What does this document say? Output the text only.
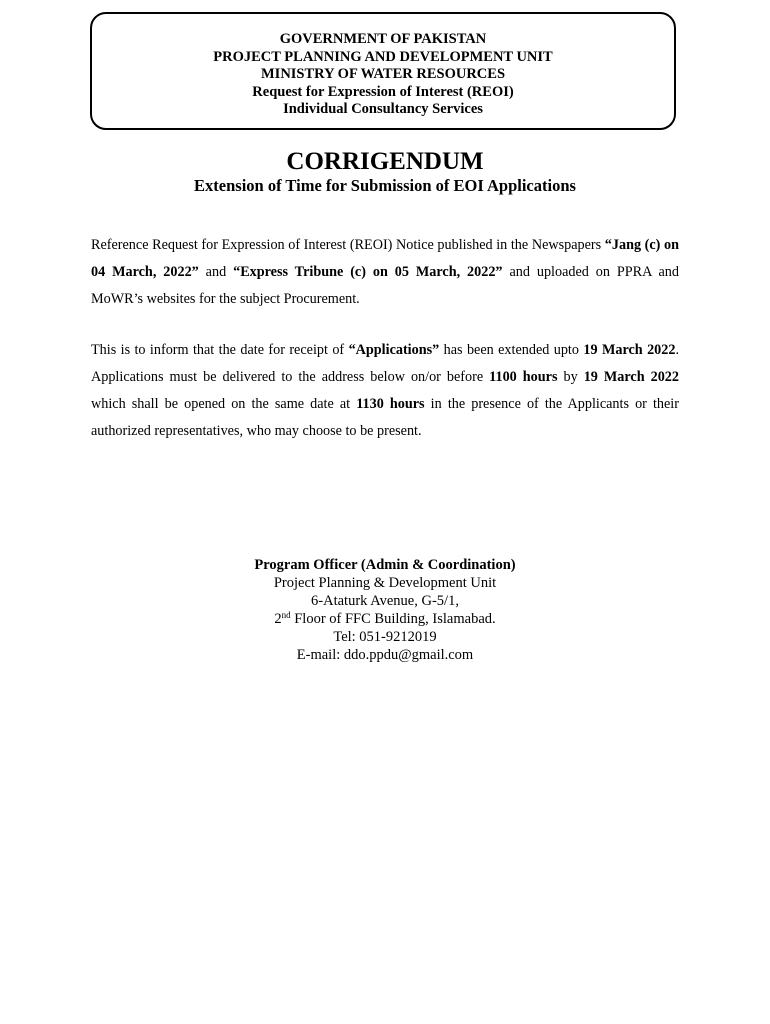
GOVERNMENT OF PAKISTAN
PROJECT PLANNING AND DEVELOPMENT UNIT
MINISTRY OF WATER RESOURCES
Request for Expression of Interest (REOI)
Individual Consultancy Services
CORRIGENDUM
Extension of Time for Submission of EOI Applications
Reference Request for Expression of Interest (REOI) Notice published in the Newspapers “Jang (c) on 04 March, 2022” and “Express Tribune (c) on 05 March, 2022” and uploaded on PPRA and MoWR’s websites for the subject Procurement.
This is to inform that the date for receipt of “Applications” has been extended upto 19 March 2022. Applications must be delivered to the address below on/or before 1100 hours by 19 March 2022 which shall be opened on the same date at 1130 hours in the presence of the Applicants or their authorized representatives, who may choose to be present.
Program Officer (Admin & Coordination)
Project Planning & Development Unit
6-Ataturk Avenue, G-5/1,
2nd Floor of FFC Building, Islamabad.
Tel: 051-9212019
E-mail: ddo.ppdu@gmail.com
